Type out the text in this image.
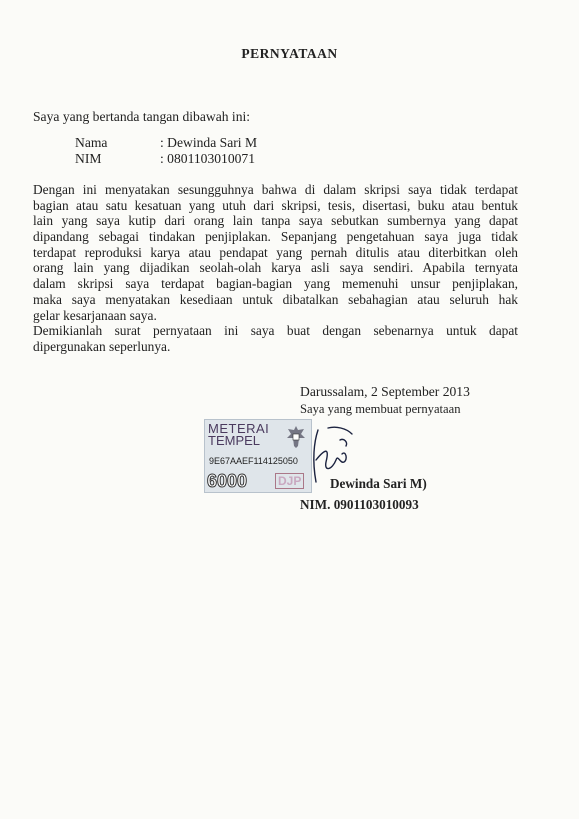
PERNYATAAN
Saya yang bertanda tangan dibawah ini:
Nama	: Dewinda Sari M
NIM	: 0801103010071
Dengan ini menyatakan sesungguhnya bahwa di dalam skripsi saya tidak terdapat
bagian atau satu kesatuan yang utuh dari skripsi, tesis, disertasi, buku atau bentuk
lain yang saya kutip dari orang lain tanpa saya sebutkan sumbernya yang dapat
dipandang sebagai tindakan penjiplakan. Sepanjang pengetahuan saya juga tidak
terdapat reproduksi karya atau pendapat yang pernah ditulis atau diterbitkan oleh
orang lain yang dijadikan seolah-olah karya asli saya sendiri. Apabila ternyata
dalam skripsi saya terdapat bagian-bagian yang memenuhi unsur penjiplakan,
maka saya menyatakan kesediaan untuk dibatalkan sebahagian atau seluruh hak
gelar kesarjanaan saya.
Demikianlah surat pernyataan ini saya buat dengan sebenarnya untuk dapat
dipergunakan seperlunya.
Darussalam, 2 September 2013
Saya yang membuat pernyataan
METERAI
TEMPEL
9E67AAEF114125050
6000	DJP Dewinda Sari M)
NIM. 0901103010093
